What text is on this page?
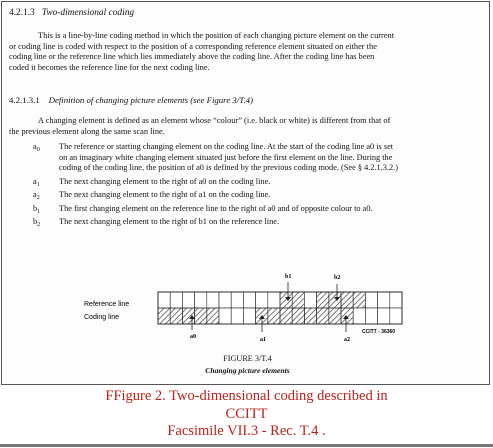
4.2.1.3 Two-dimensional coding
This is a line-by-line coding method in which the position of each changing picture element on the current
or coding line is coded with respect to the position of a corresponding reference element situated on either the
coding line or the reference line which lies immediately above the coding line. After the coding line has been
coded it becomes the reference line for the next coding line.
4.2.1.3.1 Definition of changing picture elements (see Figure 3/T.4)
A changing element is defined as an element whose “colour” (i.e. black or white) is different from that of
the previous element along the same scan line.
$a_0$ The reference or starting changing element on the coding line. At the start of the coding line a0 is set
on an imaginary white changing element situated just before the first element on the line. During the
coding of the coding line, the position of a0 is defined by the previous coding mode. (See § 4.2.1.3.2.)
$a_1$ The next changing element to the right of a0 on the coding line.
$a_2$ The next changing element to the right of a1 on the coding line.
$b_1$ The first changing element on the reference line to the right of a0 and of opposite colour to a0.
$b_2$ The next changing element to the right of b1 on the reference line.
Reference line
Coding line
b1	b2
a0	a1	a2
CCITT - 36360
FIGURE 3/T.4
Changing picture elements
FFigure 2. Two-dimensional coding described in
CCITT
Facsimile VII.3 - Rec. T.4 .
